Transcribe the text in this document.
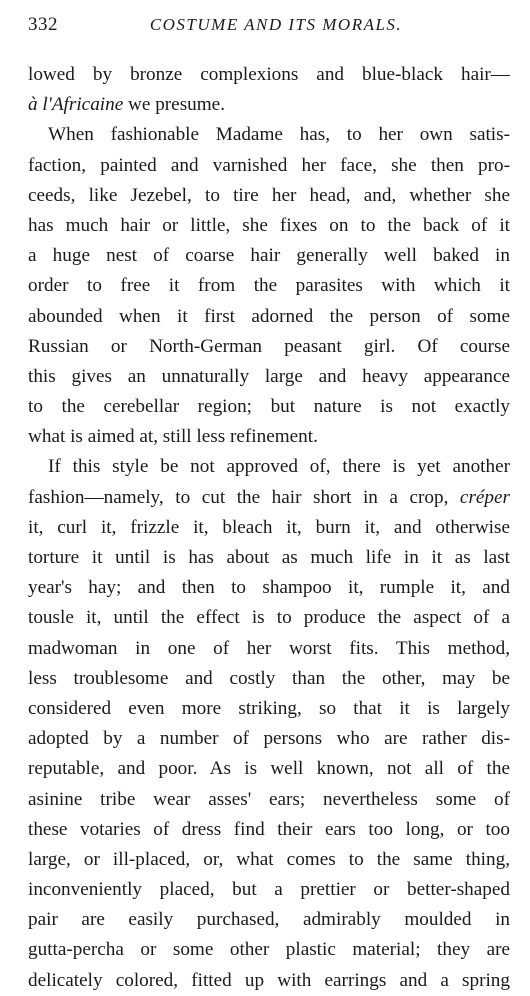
332	COSTUME AND ITS MORALS.
lowed by bronze complexions and blue-black hair—
à l'Africaine we presume.
When fashionable Madame has, to her own satis-
faction, painted and varnished her face, she then pro-
ceeds, like Jezebel, to tire her head, and, whether she
has much hair or little, she fixes on to the back of it
a huge nest of coarse hair generally well baked in
order to free it from the parasites with which it
abounded when it first adorned the person of some
Russian or North-German peasant girl. Of course
this gives an unnaturally large and heavy appearance
to the cerebellar region; but nature is not exactly
what is aimed at, still less refinement.
If this style be not approved of, there is yet another
fashion—namely, to cut the hair short in a crop, créper
it, curl it, frizzle it, bleach it, burn it, and otherwise
torture it until is has about as much life in it as last
year's hay; and then to shampoo it, rumple it, and
tousle it, until the effect is to produce the aspect of a
madwoman in one of her worst fits. This method,
less troublesome and costly than the other, may be
considered even more striking, so that it is largely
adopted by a number of persons who are rather dis-
reputable, and poor. As is well known, not all of the
asinine tribe wear asses' ears; nevertheless some of
these votaries of dress find their ears too long, or too
large, or ill-placed, or, what comes to the same thing,
inconveniently placed, but a prettier or better-shaped
pair are easily purchased, admirably moulded in
gutta-percha or some other plastic material; they are
delicately colored, fitted up with earrings and a spring
